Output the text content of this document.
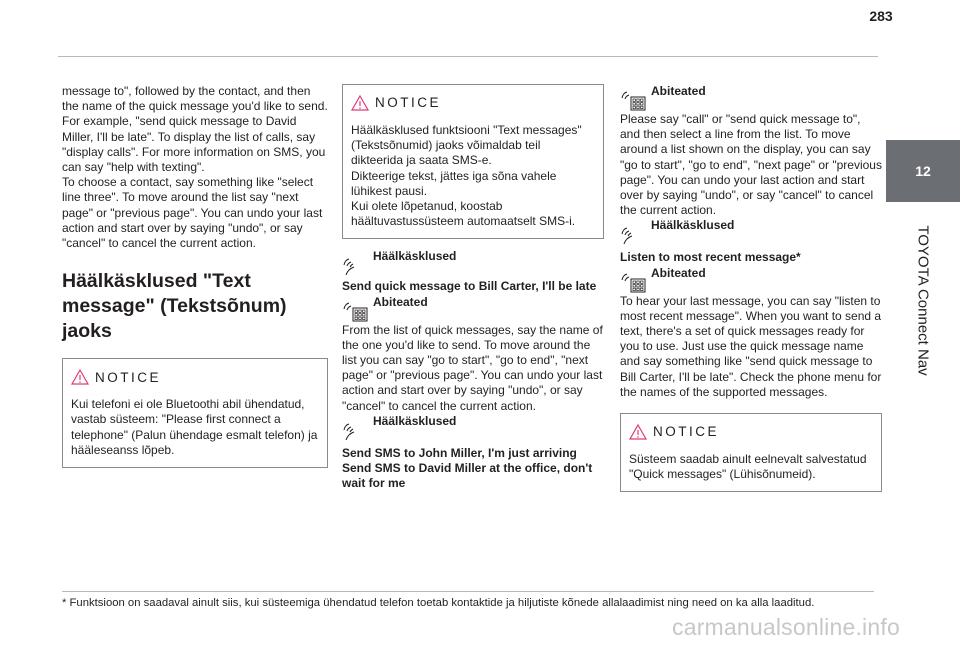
283
12
TOYOTA Connect Nav

message to", followed by the contact, and then the name of the quick message you'd like to send. For example, "send quick message to David Miller, I'll be late". To display the list of calls, say "display calls". For more information on SMS, you can say "help with texting".

To choose a contact, say something like "select line three". To move around the list say "next page" or "previous page". You can undo your last action and start over by saying "undo", or say "cancel" to cancel the current action.

Häälkäsklused "Text message" (Tekstsõnum) jaoks
NOTICE

Kui telefoni ei ole Bluetoothi abil ühendatud, vastab süsteem: "Please first connect a telephone" (Palun ühendage esmalt telefon) ja hääleseanss lõpeb.

NOTICE

Häälkäsklused funktsiooni "Text messages" (Tekstsõnumid) jaoks võimaldab teil dikteerida ja saata SMS-e.

Dikteerige tekst, jättes iga sõna vahele lühikest pausi.

Kui olete lõpetanud, koostab häältuvastussüsteem automaatselt SMS-i.

Häälkäsklused

Send quick message to Bill Carter, I'll be late

Abiteated

From the list of quick messages, say the name of the one you'd like to send. To move around the list you can say "go to start", "go to end", "next page" or "previous page". You can undo your last action and start over by saying "undo", or say "cancel" to cancel the current action.

Häälkäsklused

Send SMS to John Miller, I'm just arriving

Send SMS to David Miller at the office, don't wait for me

Abiteated

Please say "call" or "send quick message to", and then select a line from the list. To move around a list shown on the display, you can say "go to start", "go to end", "next page" or "previous page". You can undo your last action and start over by saying "undo", or say "cancel" to cancel the current action.

Häälkäsklused

Listen to most recent message*

Abiteated

To hear your last message, you can say "listen to most recent message". When you want to send a text, there's a set of quick messages ready for you to use. Just use the quick message name and say something like "send quick message to Bill Carter, I'll be late". Check the phone menu for the names of the supported messages.

NOTICE

Süsteem saadab ainult eelnevalt salvestatud "Quick messages" (Lühisõnumeid).

* Funktsioon on saadaval ainult siis, kui süsteemiga ühendatud telefon toetab kontaktide ja hiljutiste kõnede allalaadimist ning need on ka alla laaditud.
carmanualsonline.info
